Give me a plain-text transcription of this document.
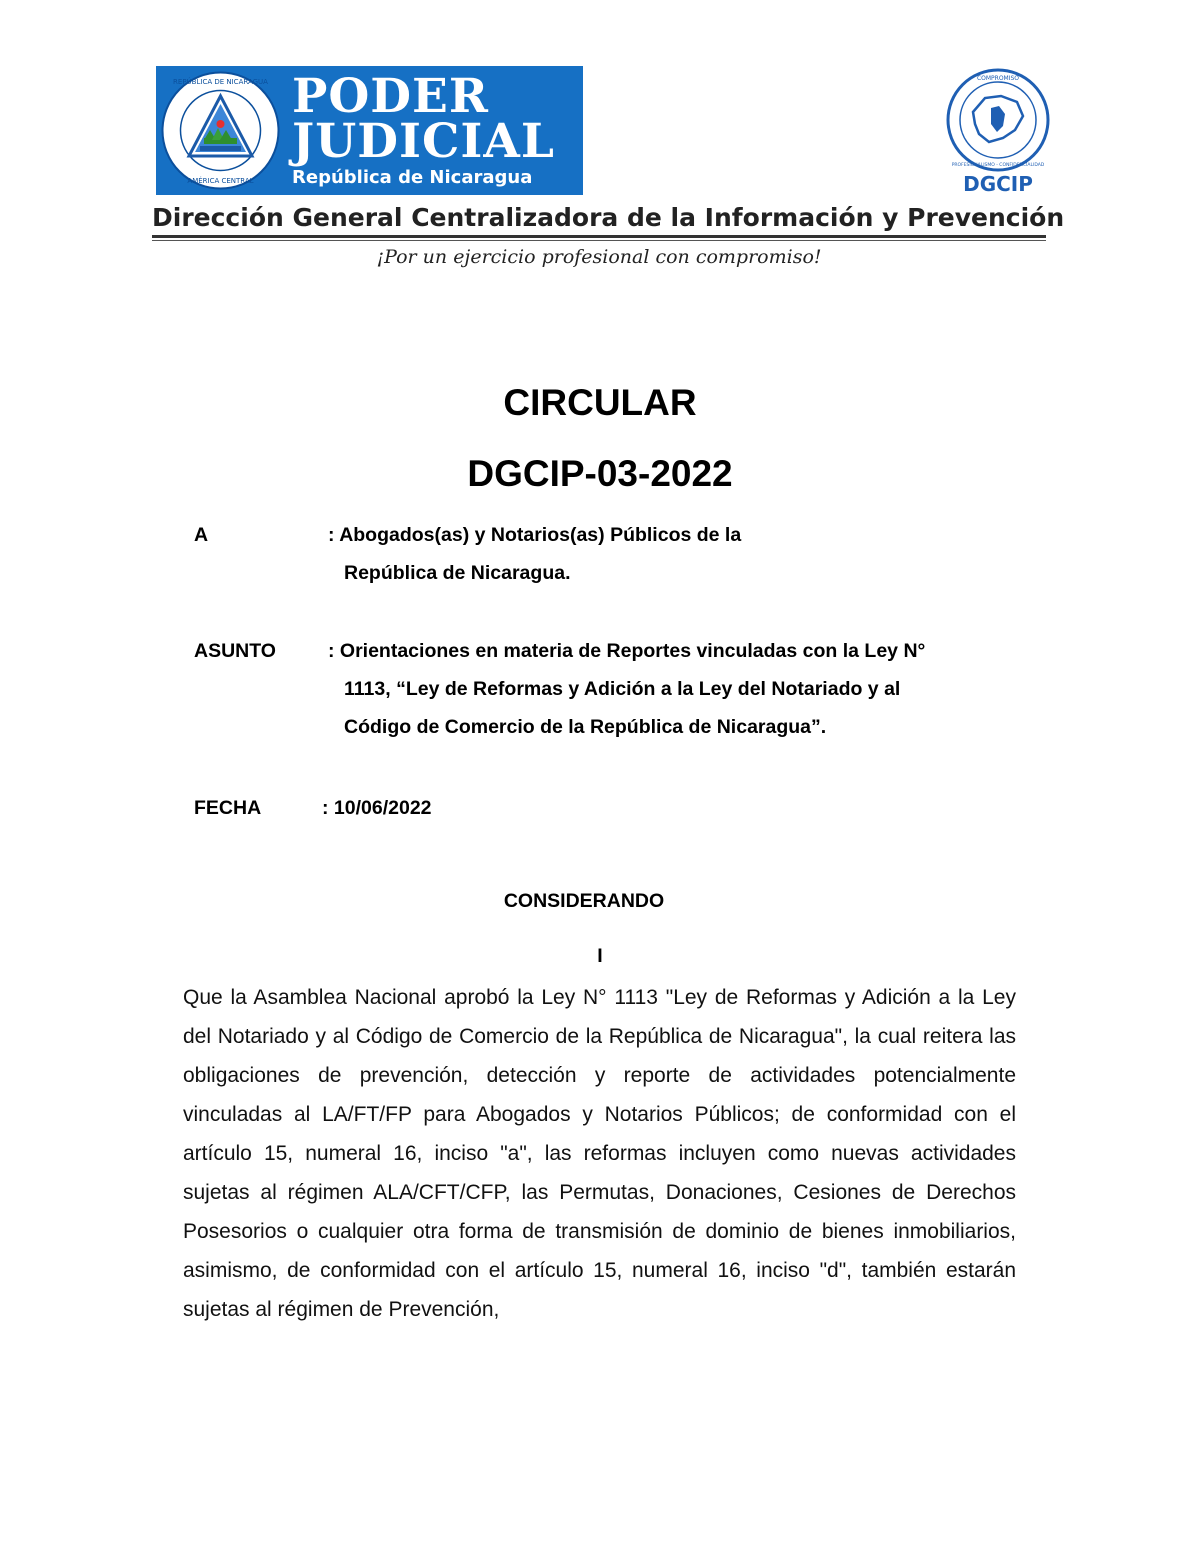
REPÚBLICA DE NICARAGUA
AMÉRICA CENTRAL
PODER
JUDICIAL
República de Nicaragua
COMPROMISO
PROFESIONALISMO - CONFIDENCIALIDAD
DGCIP
Dirección General Centralizadora de la Información y Prevención
¡Por un ejercicio profesional con compromiso!
CIRCULAR
DGCIP-03-2022
A	: Abogados(as) y Notarios(as) Públicos de la
República de Nicaragua.
ASUNTO	: Orientaciones en materia de Reportes vinculadas con la Ley N°
1113, “Ley de Reformas y Adición a la Ley del Notariado y al
Código de Comercio de la República de Nicaragua”.
FECHA	: 10/06/2022
CONSIDERANDO
I
Que la Asamblea Nacional aprobó la Ley N° 1113 "Ley de Reformas y Adición a la Ley del Notariado y al Código de Comercio de la República de Nicaragua", la cual reitera las obligaciones de prevención, detección y reporte de actividades potencialmente vinculadas al LA/FT/FP para Abogados y Notarios Públicos; de conformidad con el artículo 15, numeral 16, inciso "a", las reformas incluyen como nuevas actividades sujetas al régimen ALA/CFT/CFP, las Permutas, Donaciones, Cesiones de Derechos Posesorios o cualquier otra forma de transmisión de dominio de bienes inmobiliarios, asimismo, de conformidad con el artículo 15, numeral 16, inciso "d", también estarán sujetas al régimen de Prevención,
